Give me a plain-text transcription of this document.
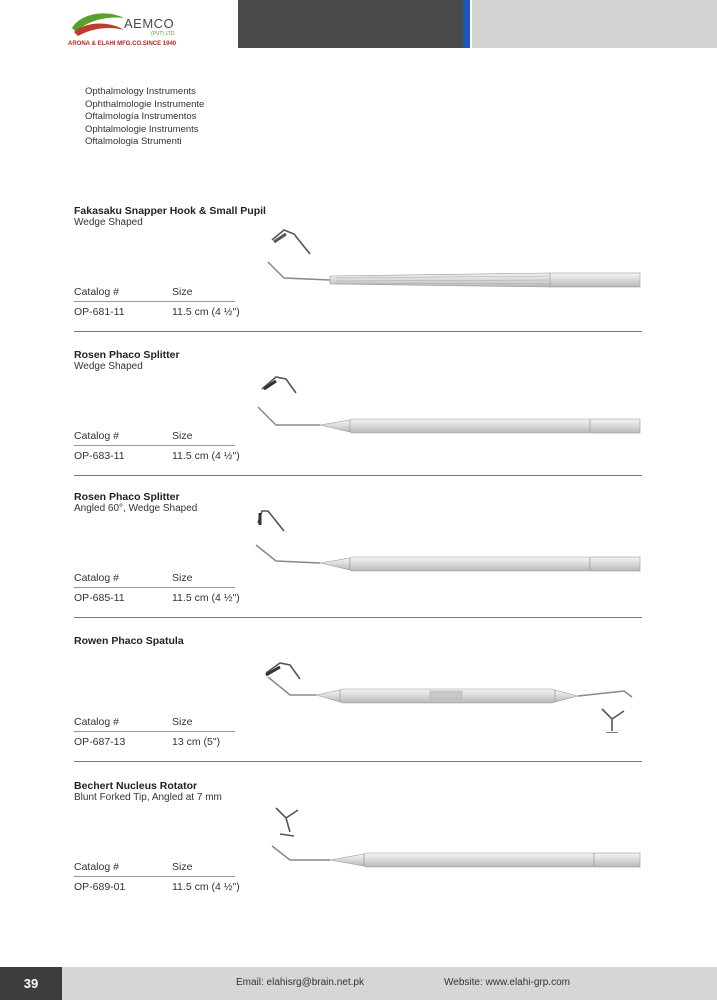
AEMCO
(PVT) LTD.
ARONA & ELAHI MFG.CO.SINCE 1940
Opthalmology Instruments
Ophthalmologie Instrumente
Oftalmología Instrumentos
Ophtalmologie Instruments
Oftalmologia Strumenti
Fakasaku Snapper Hook & Small Pupil
Wedge Shaped
Catalog #	Size
OP-681-11	11.5 cm (4 ½")
Rosen Phaco Splitter
Wedge Shaped
Catalog #	Size
OP-683-11	11.5 cm (4 ½")
Rosen Phaco Splitter
Angled 60°, Wedge Shaped
Catalog #	Size
OP-685-11	11.5 cm (4 ½")
Rowen Phaco Spatula
Catalog #	Size
OP-687-13	13 cm (5")
Bechert Nucleus Rotator
Blunt Forked Tip, Angled at 7 mm
Catalog #	Size
OP-689-01	11.5 cm (4 ½")
39	Email: elahisrg@brain.net.pk	Website: www.elahi-grp.com
